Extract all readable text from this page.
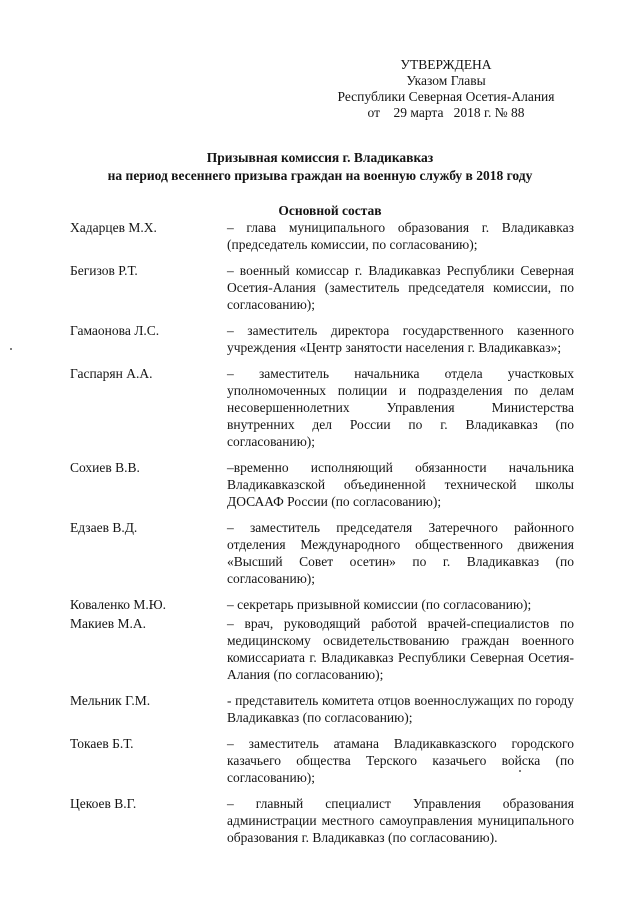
УТВЕРЖДЕНА
Указом Главы
Республики Северная Осетия-Алания
от    29 марта   2018 г. № 88
Призывная комиссия г. Владикавказ
на период весеннего призыва граждан на военную службу в 2018 году
Основной состав
Хадарцев М.Х.	– глава муниципального образования г. Владикавказ (председатель комиссии, по согласованию);
Бегизов Р.Т.	– военный комиссар г. Владикавказ Республики Северная Осетия-Алания (заместитель председателя комиссии, по согласованию);
Гамаонова Л.С.	– заместитель директора государственного казенного учреждения «Центр занятости населения г. Владикавказ»;
Гаспарян А.А.	– заместитель начальника отдела участковых уполномоченных полиции и подразделения по делам несовершеннолетних Управления Министерства внутренних дел России по г. Владикавказ (по согласованию);
Сохиев В.В.	–временно исполняющий обязанности начальника Владикавказской объединенной технической школы ДОСААФ России (по согласованию);
Едзаев В.Д.	– заместитель председателя Затеречного районного отделения Международного общественного движения «Высший Совет осетин» по г. Владикавказ (по согласованию);
Коваленко М.Ю.	– секретарь призывной комиссии (по согласованию);
Макиев М.А.	– врач, руководящий работой врачей-специалистов по медицинскому освидетельствованию граждан военного комиссариата г. Владикавказ Республики Северная Осетия-Алания (по согласованию);
Мельник Г.М.	- представитель комитета отцов военнослужащих по городу Владикавказ (по согласованию);
Токаев Б.Т.	– заместитель атамана Владикавказского городского казачьего общества Терского казачьего войска (по согласованию);
Цекоев В.Г.	– главный специалист Управления образования администрации местного самоуправления муниципального образования г. Владикавказ (по согласованию).
